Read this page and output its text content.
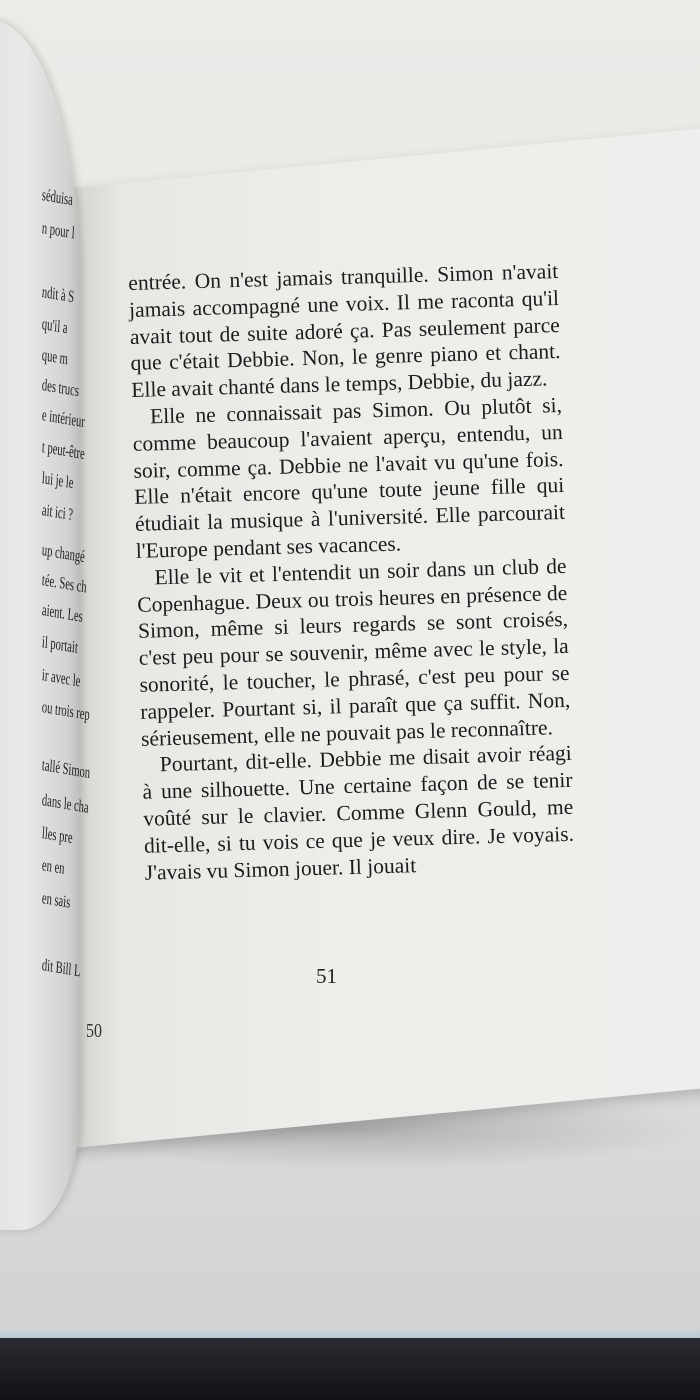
entrée. On n'est jamais tranquille. Simon n'avait jamais accompagné une voix. Il me raconta qu'il avait tout de suite adoré ça. Pas seulement parce que c'était Debbie. Non, le genre piano et chant. Elle avait chanté dans le temps, Debbie, du jazz.

Elle ne connaissait pas Simon. Ou plutôt si, comme beaucoup l'avaient aperçu, entendu, un soir, comme ça. Debbie ne l'avait vu qu'une fois. Elle n'était encore qu'une toute jeune fille qui étudiait la musique à l'université. Elle parcourait l'Europe pendant ses vacances.

Elle le vit et l'entendit un soir dans un club de Copenhague. Deux ou trois heures en présence de Simon, même si leurs regards se sont croisés, c'est peu pour se souvenir, même avec le style, la sonorité, le toucher, le phrasé, c'est peu pour se rappeler. Pourtant si, il paraît que ça suffit. Non, sérieusement, elle ne pouvait pas le reconnaître.

Pourtant, dit-elle. Debbie me disait avoir réagi à une silhouette. Une certaine façon de se tenir voûté sur le clavier. Comme Glenn Gould, me dit-elle, si tu vois ce que je veux dire. Je voyais. J'avais vu Simon jouer. Il jouait

51
séduisa
n pour l
ndit à S
qu'il a
que m
des trucs
e intérieur
t peut-être
lui je le
ait ici ?
up changé
tée. Ses ch
aient. Les
il portait
ir avec le
ou trois rep
tallé Simon
dans le cha
lles pre
en en
en sais
dit Bill L
50
